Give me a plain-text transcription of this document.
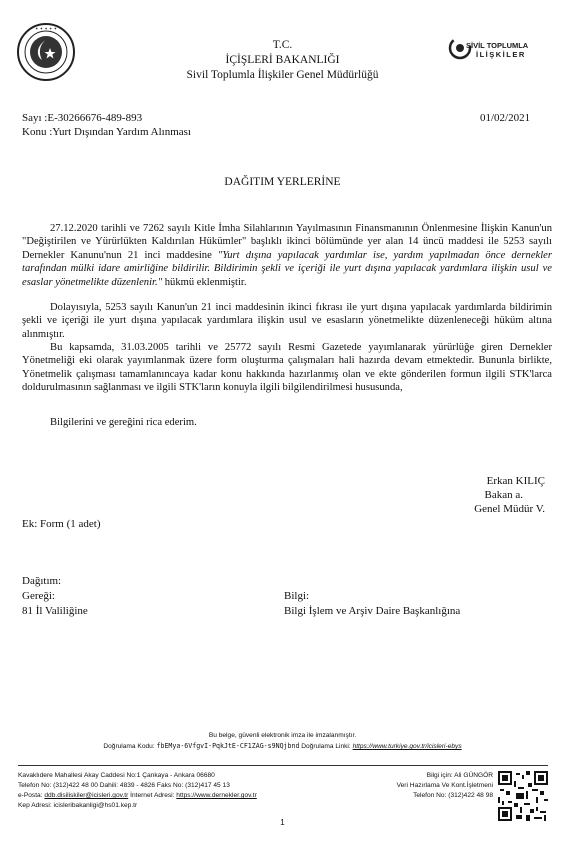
✦ ✦ ✦ ✦ ✦
T.C.
İÇİŞLERİ BAKANLIĞI
Sivil Toplumla İlişkiler Genel Müdürlüğü
SİVİL TOPLUMLA
İLİŞKİLER
Sayı :E-30266676-489-893	01/02/2021
Konu :Yurt Dışından Yardım Alınması
DAĞITIM YERLERİNE

27.12.2020 tarihli ve 7262 sayılı Kitle İmha Silahlarının Yayılmasının Finansmanının Önlenmesine İlişkin Kanun'un "Değiştirilen ve Yürürlükten Kaldırılan Hükümler" başlıklı ikinci bölümünde yer alan 14 üncü maddesi ile 5253 sayılı Dernekler Kanunu'nun 21 inci maddesine "Yurt dışına yapılacak yardımlar ise, yardım yapılmadan önce dernekler tarafından mülki idare amirliğine bildirilir. Bildirimin şekli ve içeriği ile yurt dışına yapılacak yardımlara ilişkin usul ve esaslar yönetmelikte düzenlenir." hükmü eklenmiştir.

Dolayısıyla, 5253 sayılı Kanun'un 21 inci maddesinin ikinci fıkrası ile yurt dışına yapılacak yardımlarda bildirimin şekli ve içeriği ile yurt dışına yapılacak yardımlara ilişkin usul ve esasların yönetmelikte düzenleneceği hüküm altına alınmıştır.

Bu kapsamda, 31.03.2005 tarihli ve 25772 sayılı Resmi Gazetede yayımlanarak yürürlüğe giren Dernekler Yönetmeliği eki olarak yayımlanmak üzere form oluşturma çalışmaları hali hazırda devam etmektedir. Bununla birlikte, Yönetmelik çalışması tamamlanıncaya kadar konu hakkında hazırlanmış olan ve ekte gönderilen formun ilgili STK'larca doldurulmasının sağlanması ve ilgili STK'ların konuyla ilgili bilgilendirilmesi hususunda,

Bilgilerini ve gereğini rica ederim.

Erkan KILIÇ
Bakan a.
Genel Müdür V.
Ek: Form (1 adet)
Dağıtım:
Gereği:
81 İl Valiliğine
Bilgi:
Bilgi İşlem ve Arşiv Daire Başkanlığına
Bu belge, güvenli elektronik imza ile imzalanmıştır.
Doğrulama Kodu: fbEMya-6VfgvI-PqkJtE-CF1ZAG-s9NQjbnd Doğrulama Linki: https://www.turkiye.gov.tr/icisleri-ebys
Kavaklıdere Mahallesi Akay Caddesi No:1 Çankaya - Ankara 06680
Telefon No: (312)422 48 00 Dahili: 4839 - 4826 Faks No: (312)417 45 13
e-Posta: ddb.disiliskiler@icisleri.gov.tr İnternet Adresi: https://www.dernekler.gov.tr
Kep Adresi: icisleribakanligi@hs01.kep.tr
Bilgi için: Ali GÜNGÖR
Veri Hazırlama Ve Kont.İşletmeni
Telefon No: (312)422 48 98
1
